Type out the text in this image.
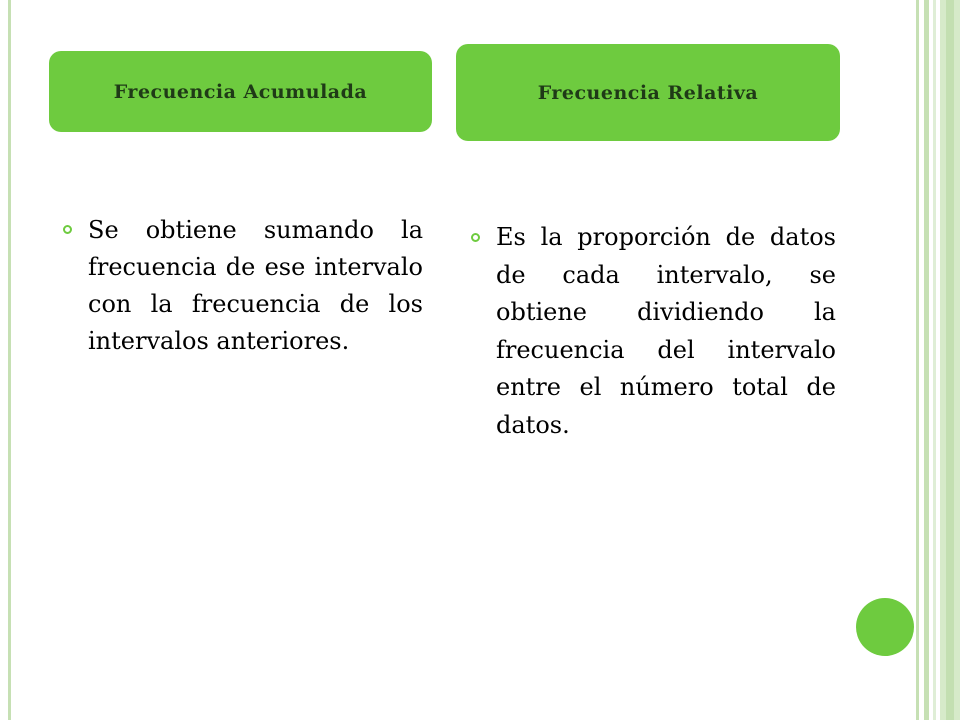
Frecuencia Acumulada	Frecuencia Relativa

Se obtiene sumando la frecuencia de ese intervalo con la frecuencia de los intervalos anteriores.

Es la proporción de datos de cada intervalo, se obtiene dividiendo la frecuencia del intervalo entre el número total de datos.
